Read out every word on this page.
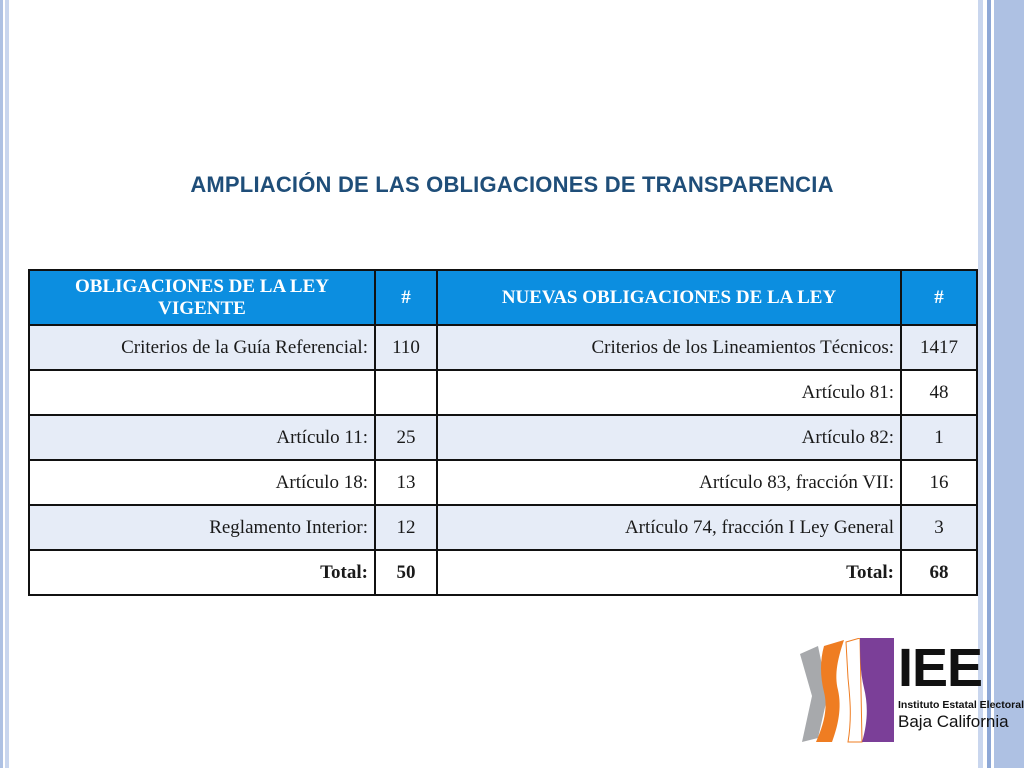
AMPLIACIÓN DE LAS OBLIGACIONES DE TRANSPARENCIA
OBLIGACIONES DE LA LEY VIGENTE	#	NUEVAS OBLIGACIONES DE LA LEY	#
Criterios de la Guía Referencial:	110	Criterios de los Lineamientos Técnicos:	1417
		Artículo 81:	48
Artículo 11:	25	Artículo 82:	1
Artículo 18:	13	Artículo 83, fracción VII:	16
Reglamento Interior:	12	Artículo 74, fracción I Ley General	3
Total:	50	Total:	68
IEE
Instituto Estatal Electoral
Baja California
